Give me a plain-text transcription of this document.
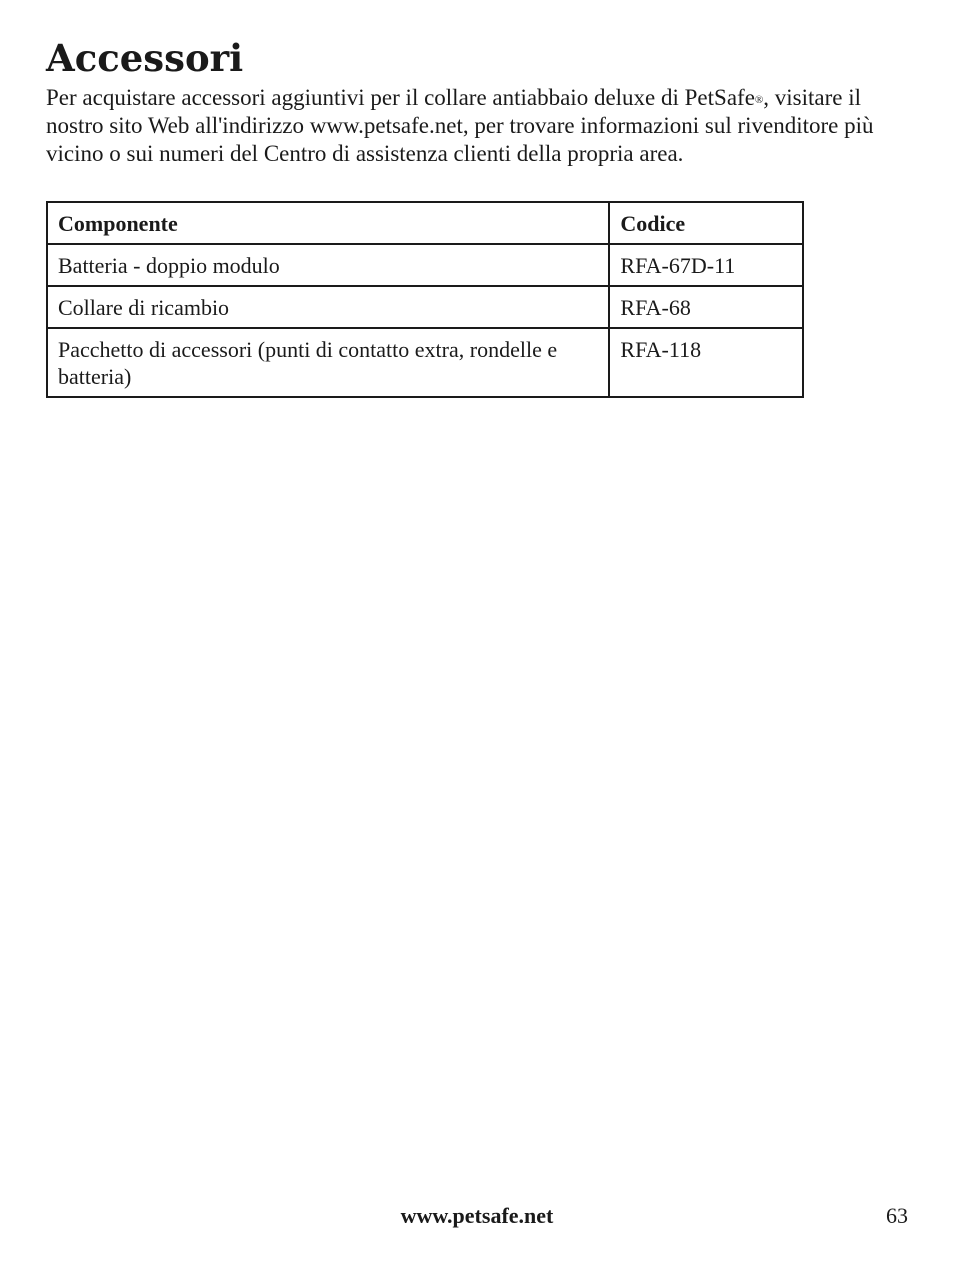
Accessori

Per acquistare accessori aggiuntivi per il collare antiabbaio deluxe di PetSafe®, visitare il nostro sito Web all'indirizzo www.petsafe.net, per trovare informazioni sul rivenditore più vicino o sui numeri del Centro di assistenza clienti della propria area.

Componente	Codice
Batteria - doppio modulo	RFA-67D-11
Collare di ricambio	RFA-68
Pacchetto di accessori (punti di contatto extra, rondelle e batteria)	RFA-118
www.petsafe.net	63
